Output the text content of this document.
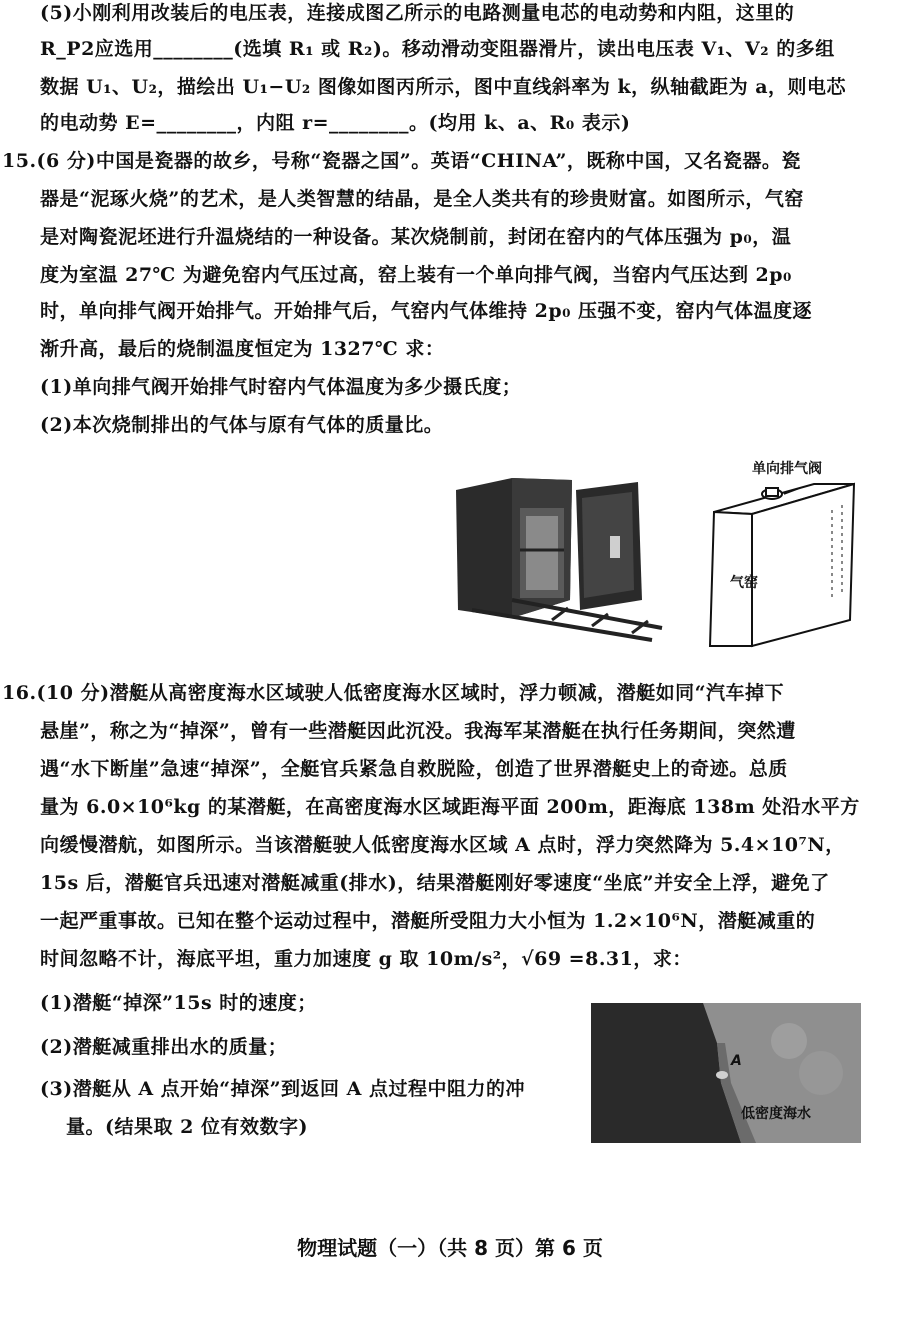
(5)小刚利用改装后的电压表，连接成图乙所示的电路测量电芯的电动势和内阻，这里的
R_P2应选用________(选填 R₁ 或 R₂)。移动滑动变阻器滑片，读出电压表 V₁、V₂ 的多组
数据 U₁、U₂，描绘出 U₁−U₂ 图像如图丙所示，图中直线斜率为 k，纵轴截距为 a，则电芯
的电动势 E=________，内阻 r=________。(均用 k、a、R₀ 表示)
15.(6 分)中国是瓷器的故乡，号称“瓷器之国”。英语“CHINA”，既称中国，又名瓷器。瓷
器是“泥琢火烧”的艺术，是人类智慧的结晶，是全人类共有的珍贵财富。如图所示，气窑
是对陶瓷泥坯进行升温烧结的一种设备。某次烧制前，封闭在窑内的气体压强为 p₀，温
度为室温 27℃ 为避免窑内气压过高，窑上装有一个单向排气阀，当窑内气压达到 2p₀
时，单向排气阀开始排气。开始排气后，气窑内气体维持 2p₀ 压强不变，窑内气体温度逐
渐升高，最后的烧制温度恒定为 1327℃ 求：
(1)单向排气阀开始排气时窑内气体温度为多少摄氏度；
(2)本次烧制排出的气体与原有气体的质量比。
单向排气阀
气窑
16.(10 分)潜艇从高密度海水区域驶人低密度海水区域时，浮力顿减，潜艇如同“汽车掉下
悬崖”，称之为“掉深”，曾有一些潜艇因此沉没。我海军某潜艇在执行任务期间，突然遭
遇“水下断崖”急速“掉深”，全艇官兵紧急自救脱险，创造了世界潜艇史上的奇迹。总质
量为 6.0×10⁶kg 的某潜艇，在高密度海水区域距海平面 200m，距海底 138m 处沿水平方
向缓慢潜航，如图所示。当该潜艇驶人低密度海水区域 A 点时，浮力突然降为 5.4×10⁷N，
15s 后，潜艇官兵迅速对潜艇减重(排水)，结果潜艇刚好零速度“坐底”并安全上浮，避免了
一起严重事故。已知在整个运动过程中，潜艇所受阻力大小恒为 1.2×10⁶N，潜艇减重的
时间忽略不计，海底平坦，重力加速度 g 取 10m/s²，√69 =8.31，求：
(1)潜艇“掉深”15s 时的速度；
(2)潜艇减重排出水的质量；
(3)潜艇从 A 点开始“掉深”到返回 A 点过程中阻力的冲
量。(结果取 2 位有效数字)
A
低密度海水
物理试题（一）（共 8 页）第 6 页
